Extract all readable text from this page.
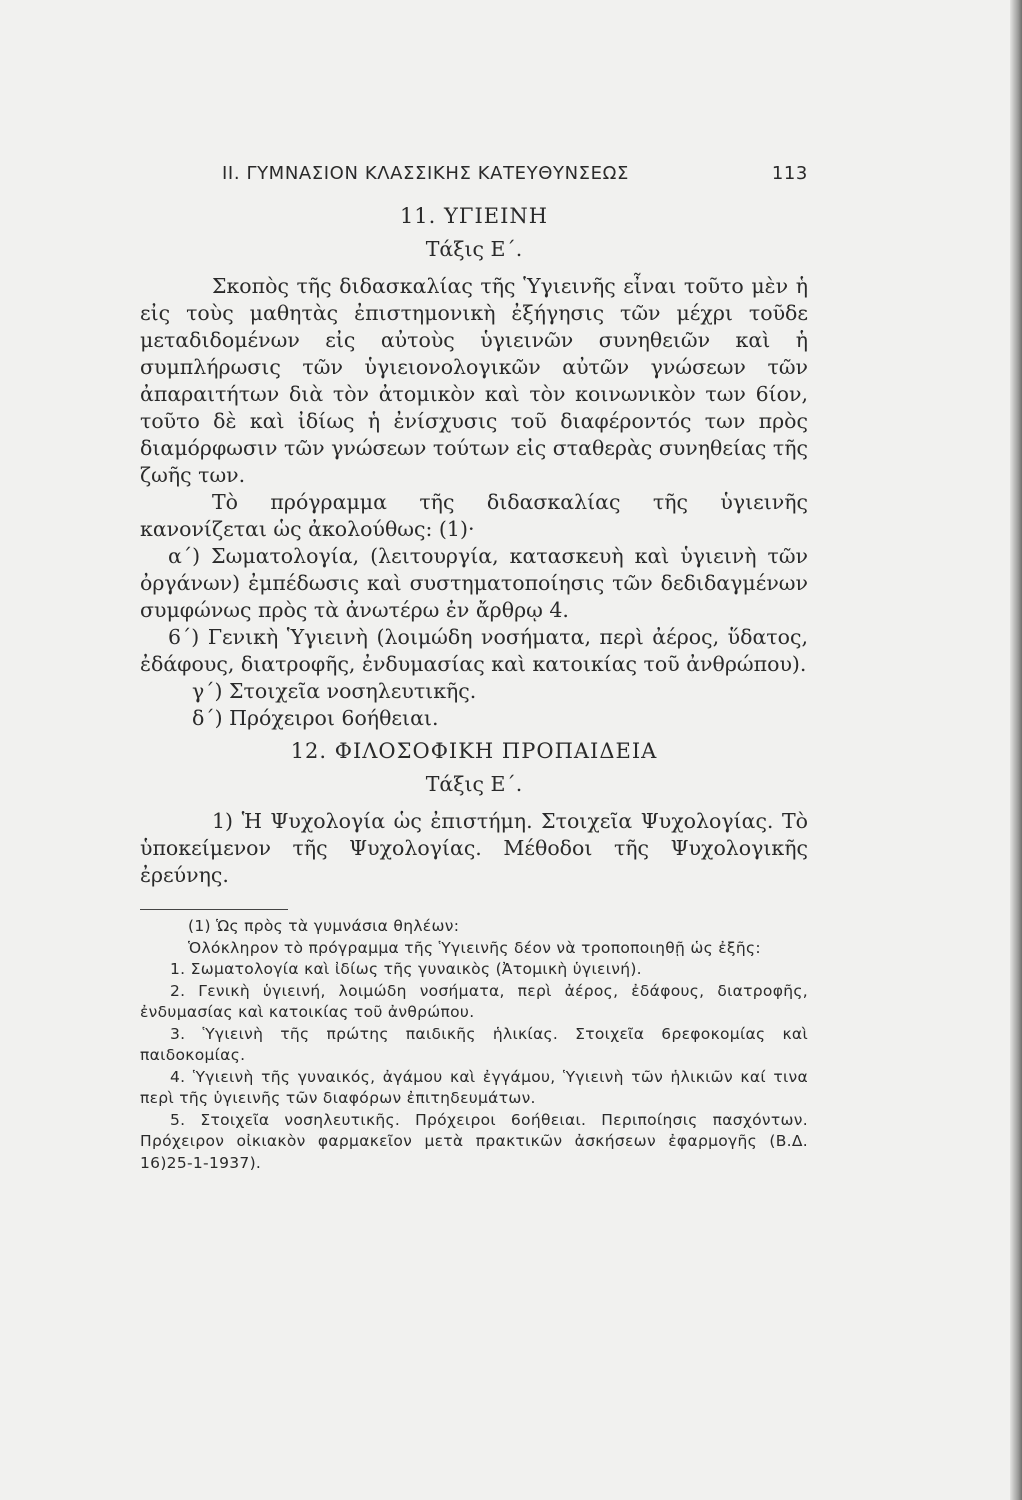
II. ΓΥΜΝΑΣΙΟΝ ΚΛΑΣΣΙΚΗΣ ΚΑΤΕΥΘΥΝΣΕΩΣ	113
11. ΥΓΙΕΙΝΗ
Τάξις Ε΄.

Σκοπὸς τῆς διδασκαλίας τῆς Ὑγιεινῆς εἶναι τοῦτο μὲν ἡ εἰς τοὺς μαθητὰς ἐπιστημονικὴ ἐξήγησις τῶν μέχρι τοῦδε μεταδιδομένων εἰς αὐτοὺς ὑγιεινῶν συνηθειῶν καὶ ἡ συμπλήρωσις τῶν ὑγιειονολογικῶν αὐτῶν γνώσεων τῶν ἀπαραιτήτων διὰ τὸν ἀτομικὸν καὶ τὸν κοινωνικὸν των 6ίον, τοῦτο δὲ καὶ ἰδίως ἡ ἐνίσχυσις τοῦ διαφέροντός των πρὸς διαμόρφωσιν τῶν γνώσεων τούτων εἰς σταθερὰς συνηθείας τῆς ζωῆς των.

Τὸ πρόγραμμα τῆς διδασκαλίας τῆς ὑγιεινῆς κανονίζεται ὡς ἀκολούθως: (1)·

α΄) Σωματολογία, (λειτουργία, κατασκευὴ καὶ ὑγιεινὴ τῶν ὀργάνων) ἐμπέδωσις καὶ συστηματοποίησις τῶν δεδιδαγμένων συμφώνως πρὸς τὰ ἀνωτέρω ἐν ἄρθρῳ 4.

6΄) Γενικὴ Ὑγιεινὴ (λοιμώδη νοσήματα, περὶ ἀέρος, ὕδατος, ἐδάφους, διατροφῆς, ἐνδυμασίας καὶ κατοικίας τοῦ ἀνθρώπου).

γ΄) Στοιχεῖα νοσηλευτικῆς.

δ΄) Πρόχειροι 6οήθειαι.

12. ΦΙΛΟΣΟΦΙΚΗ ΠΡΟΠΑΙΔΕΙΑ
Τάξις Ε΄.

1) Ἡ Ψυχολογία ὡς ἐπιστήμη. Στοιχεῖα Ψυχολογίας. Τὸ ὑποκείμενον τῆς Ψυχολογίας. Μέθοδοι τῆς Ψυχολογικῆς ἐρεύνης.

(1) Ὡς πρὸς τὰ γυμνάσια θηλέων:

Ὁλόκληρον τὸ πρόγραμμα τῆς Ὑγιεινῆς δέον νὰ τροποποιηθῇ ὡς ἐξῆς:

1. Σωματολογία καὶ ἰδίως τῆς γυναικὸς (Ἀτομικὴ ὑγιεινή).

2. Γενικὴ ὑγιεινή, λοιμώδη νοσήματα, περὶ ἀέρος, ἐδάφους, διατροφῆς, ἐνδυμασίας καὶ κατοικίας τοῦ ἀνθρώπου.

3. Ὑγιεινὴ τῆς πρώτης παιδικῆς ἡλικίας. Στοιχεῖα 6ρεφοκομίας καὶ παιδοκομίας.

4. Ὑγιεινὴ τῆς γυναικός, ἀγάμου καὶ ἐγγάμου, Ὑγιεινὴ τῶν ἡλικιῶν καί τινα περὶ τῆς ὑγιεινῆς τῶν διαφόρων ἐπιτηδευμάτων.

5. Στοιχεῖα νοσηλευτικῆς. Πρόχειροι 6οήθειαι. Περιποίησις πασχόντων. Πρόχειρον οἰκιακὸν φαρμακεῖον μετὰ πρακτικῶν ἀσκήσεων ἐφαρμογῆς (Β.Δ. 16)25-1-1937).
